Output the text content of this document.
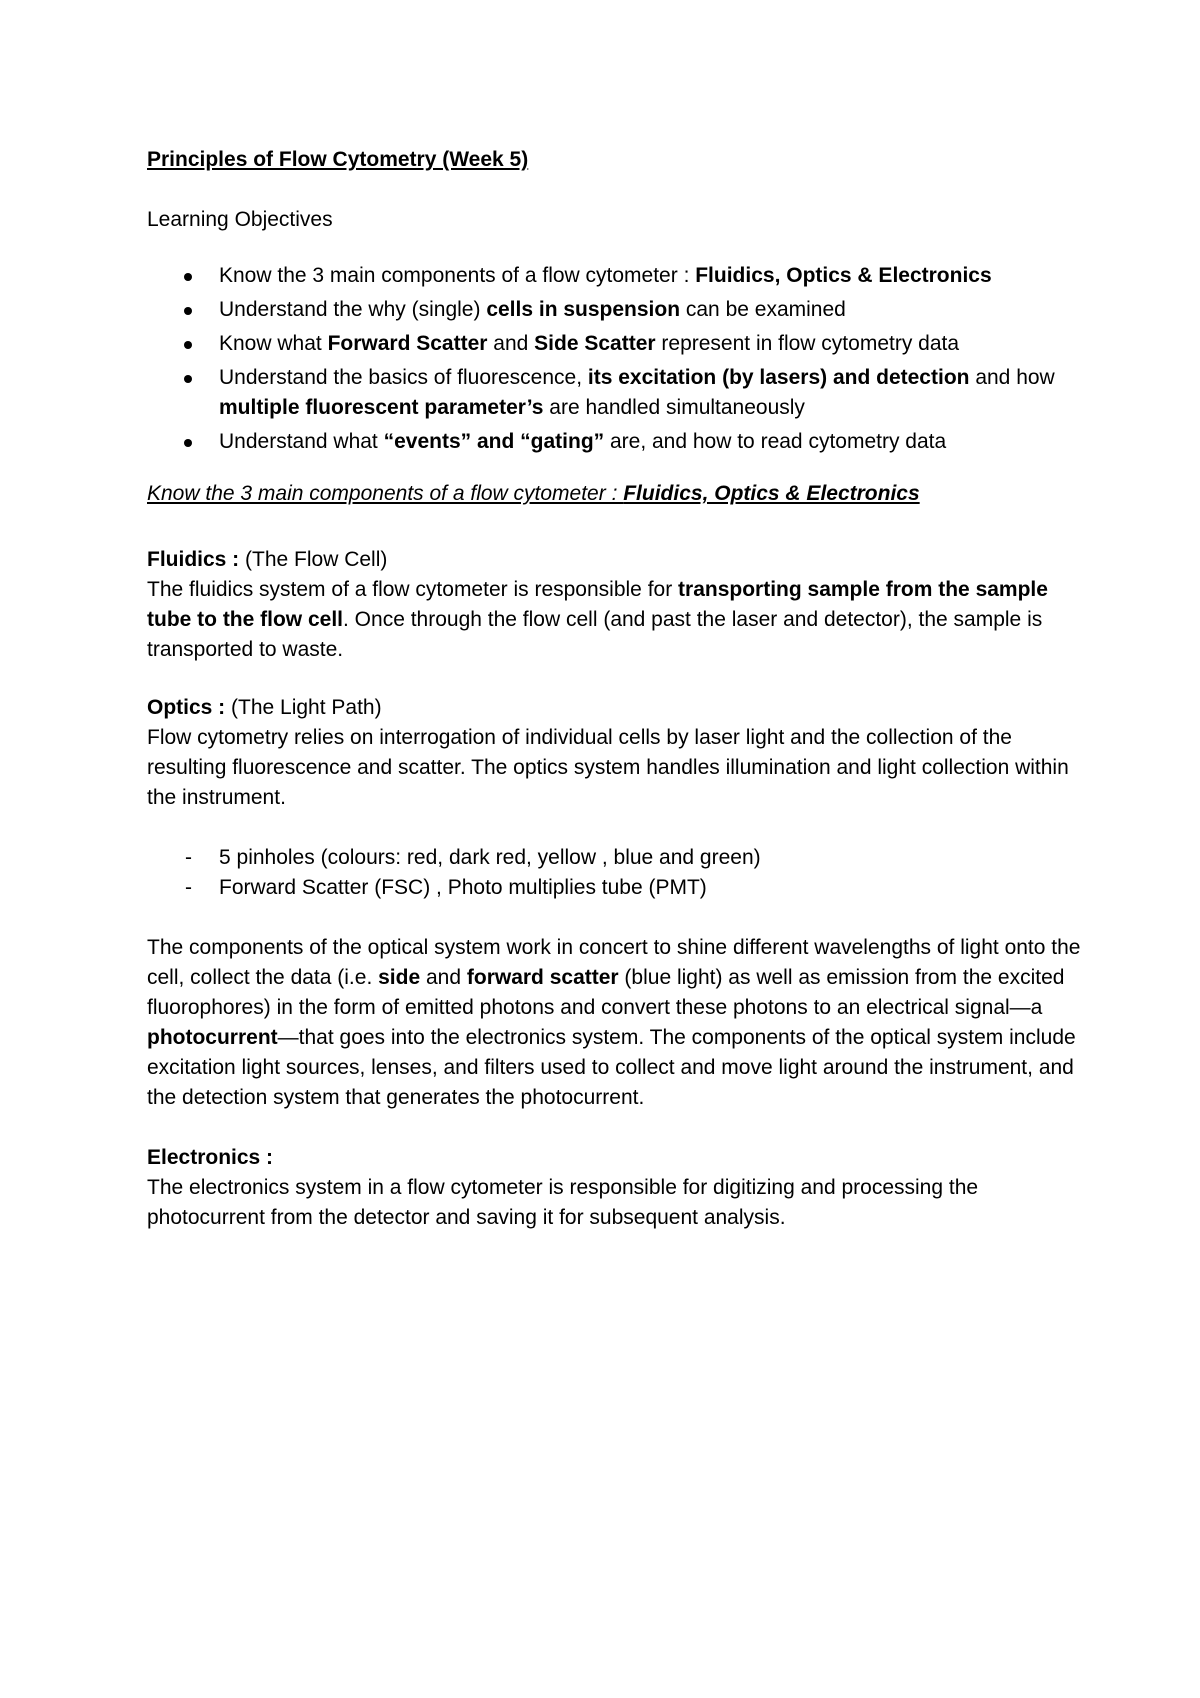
Principles of Flow Cytometry (Week 5)

Learning Objectives

Know the 3 main components of a flow cytometer : Fluidics, Optics & Electronics
Understand the why (single) cells in suspension can be examined
Know what Forward Scatter and Side Scatter represent in flow cytometry data
Understand the basics of fluorescence, its excitation (by lasers) and detection and how multiple fluorescent parameter’s are handled simultaneously
Understand what “events” and “gating” are, and how to read cytometry data

Know the 3 main components of a flow cytometer : Fluidics, Optics & Electronics

Fluidics : (The Flow Cell)

The fluidics system of a flow cytometer is responsible for transporting sample from the sample tube to the flow cell. Once through the flow cell (and past the laser and detector), the sample is transported to waste.

Optics : (The Light Path)

Flow cytometry relies on interrogation of individual cells by laser light and the collection of the resulting fluorescence and scatter. The optics system handles illumination and light collection within the instrument.

- 5 pinholes (colours: red, dark red, yellow , blue and green)
- Forward Scatter (FSC) , Photo multiplies tube (PMT)

The components of the optical system work in concert to shine different wavelengths of light onto the cell, collect the data (i.e. side and forward scatter (blue light) as well as emission from the excited fluorophores) in the form of emitted photons and convert these photons to an electrical signal—a photocurrent—that goes into the electronics system. The components of the optical system include excitation light sources, lenses, and filters used to collect and move light around the instrument, and the detection system that generates the photocurrent.

Electronics :

The electronics system in a flow cytometer is responsible for digitizing and processing the photocurrent from the detector and saving it for subsequent analysis.
